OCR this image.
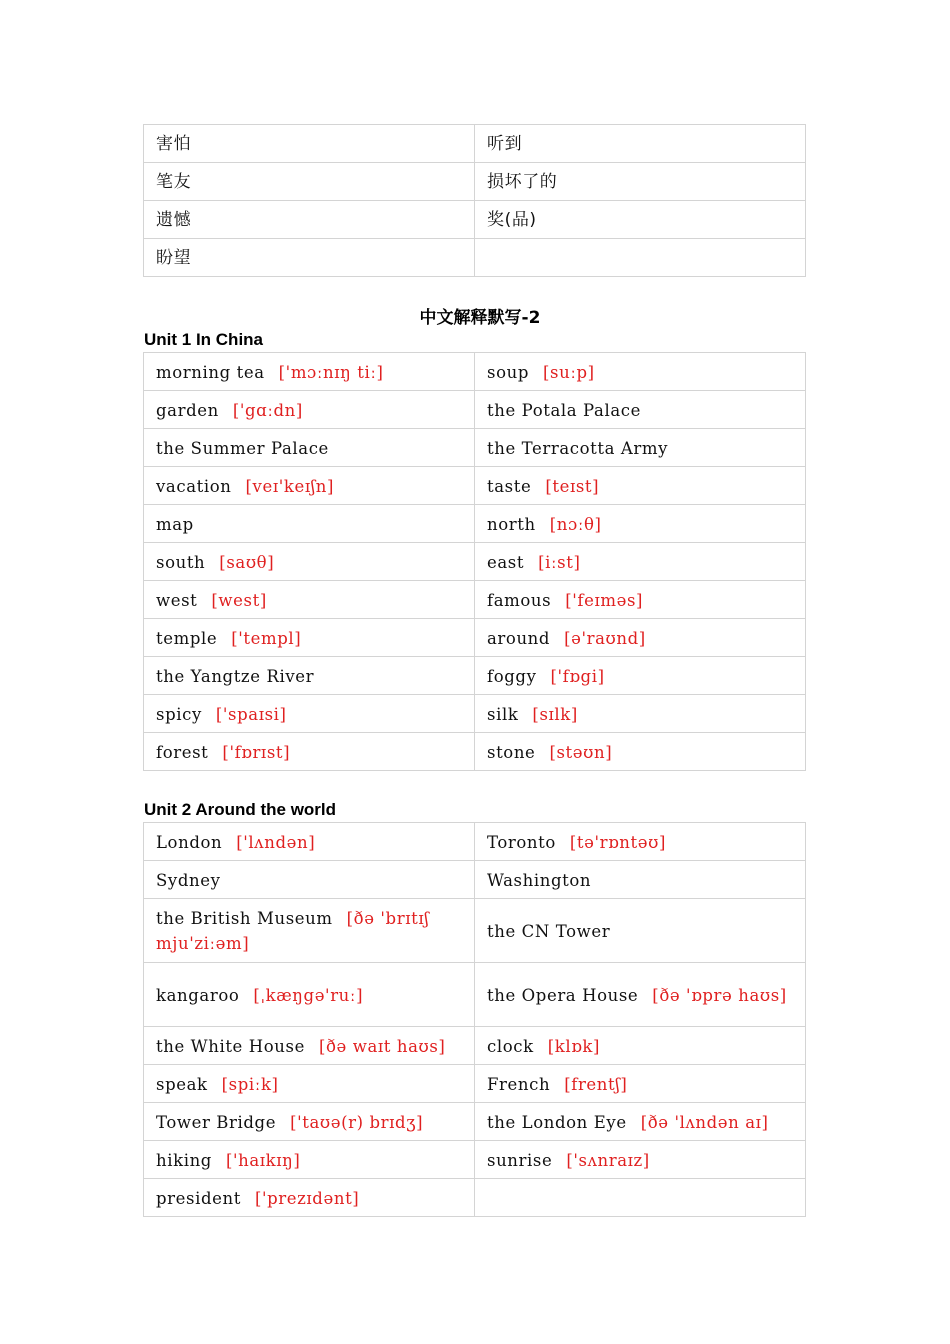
害怕	听到
笔友	损坏了的
遗憾	奖(品)
盼望	
中文解释默写-2
Unit 1 In China
morning tea ['mɔːnɪŋ tiː]	soup [suːp]
garden ['gɑːdn]	the Potala Palace
the Summer Palace	the Terracotta Army
vacation [veɪ'keɪʃn]	taste [teɪst]
map	north [nɔːθ]
south [saʊθ]	east [iːst]
west [west]	famous ['feɪməs]
temple ['templ]	around [ə'raʊnd]
the Yangtze River	foggy ['fɒgi]
spicy ['spaɪsi]	silk [sɪlk]
forest ['fɒrɪst]	stone [stəʊn]
Unit 2 Around the world
London ['lʌndən]	Toronto [tə'rɒntəʊ]
Sydney	Washington
the British Museum [ðə 'brɪtɪʃ mju'ziːəm]	the CN Tower
kangaroo [ˌkæŋgə'ruː]	the Opera House [ðə 'ɒprə haʊs]
the White House [ðə waɪt haʊs]	clock [klɒk]
speak [spiːk]	French [frentʃ]
Tower Bridge ['taʊə(r) brɪdʒ]	the London Eye [ðə 'lʌndən aɪ]
hiking ['haɪkɪŋ]	sunrise ['sʌnraɪz]
president ['prezɪdənt]	
